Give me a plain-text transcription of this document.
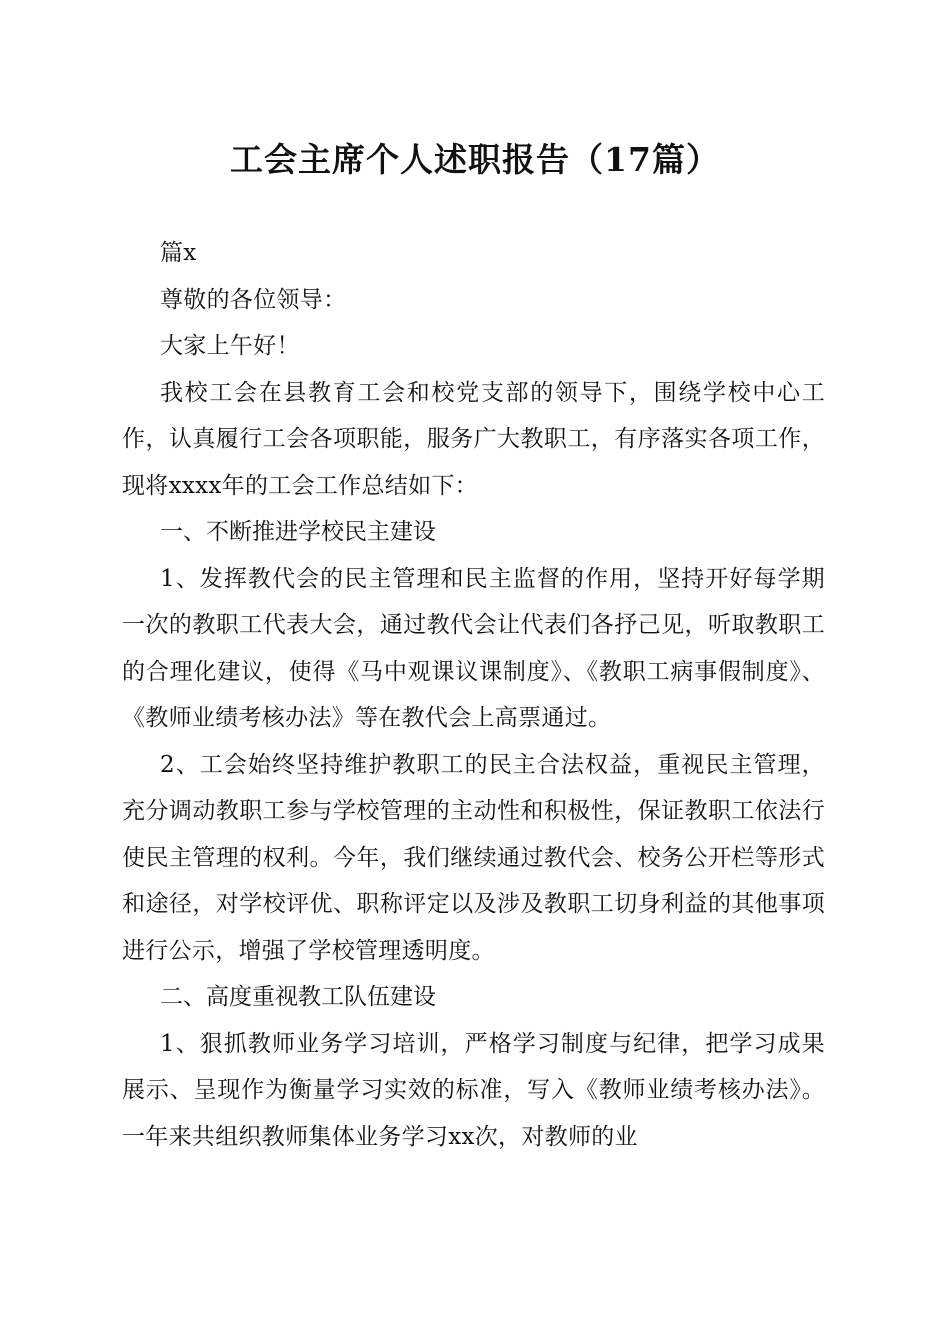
工会主席个人述职报告（17篇）

篇x

尊敬的各位领导：

大家上午好！

我校工会在县教育工会和校党支部的领导下，围绕学校中心工作，认真履行工会各项职能，服务广大教职工，有序落实各项工作，现将xxxx年的工会工作总结如下：

一、不断推进学校民主建设

1、发挥教代会的民主管理和民主监督的作用，坚持开好每学期一次的教职工代表大会，通过教代会让代表们各抒己见，听取教职工的合理化建议，使得《马中观课议课制度》、《教职工病事假制度》、《教师业绩考核办法》等在教代会上高票通过。

2、工会始终坚持维护教职工的民主合法权益，重视民主管理，充分调动教职工参与学校管理的主动性和积极性，保证教职工依法行使民主管理的权利。今年，我们继续通过教代会、校务公开栏等形式和途径，对学校评优、职称评定以及涉及教职工切身利益的其他事项进行公示，增强了学校管理透明度。

二、高度重视教工队伍建设

1、狠抓教师业务学习培训，严格学习制度与纪律，把学习成果展示、呈现作为衡量学习实效的标准，写入《教师业绩考核办法》。一年来共组织教师集体业务学习xx次，对教师的业
